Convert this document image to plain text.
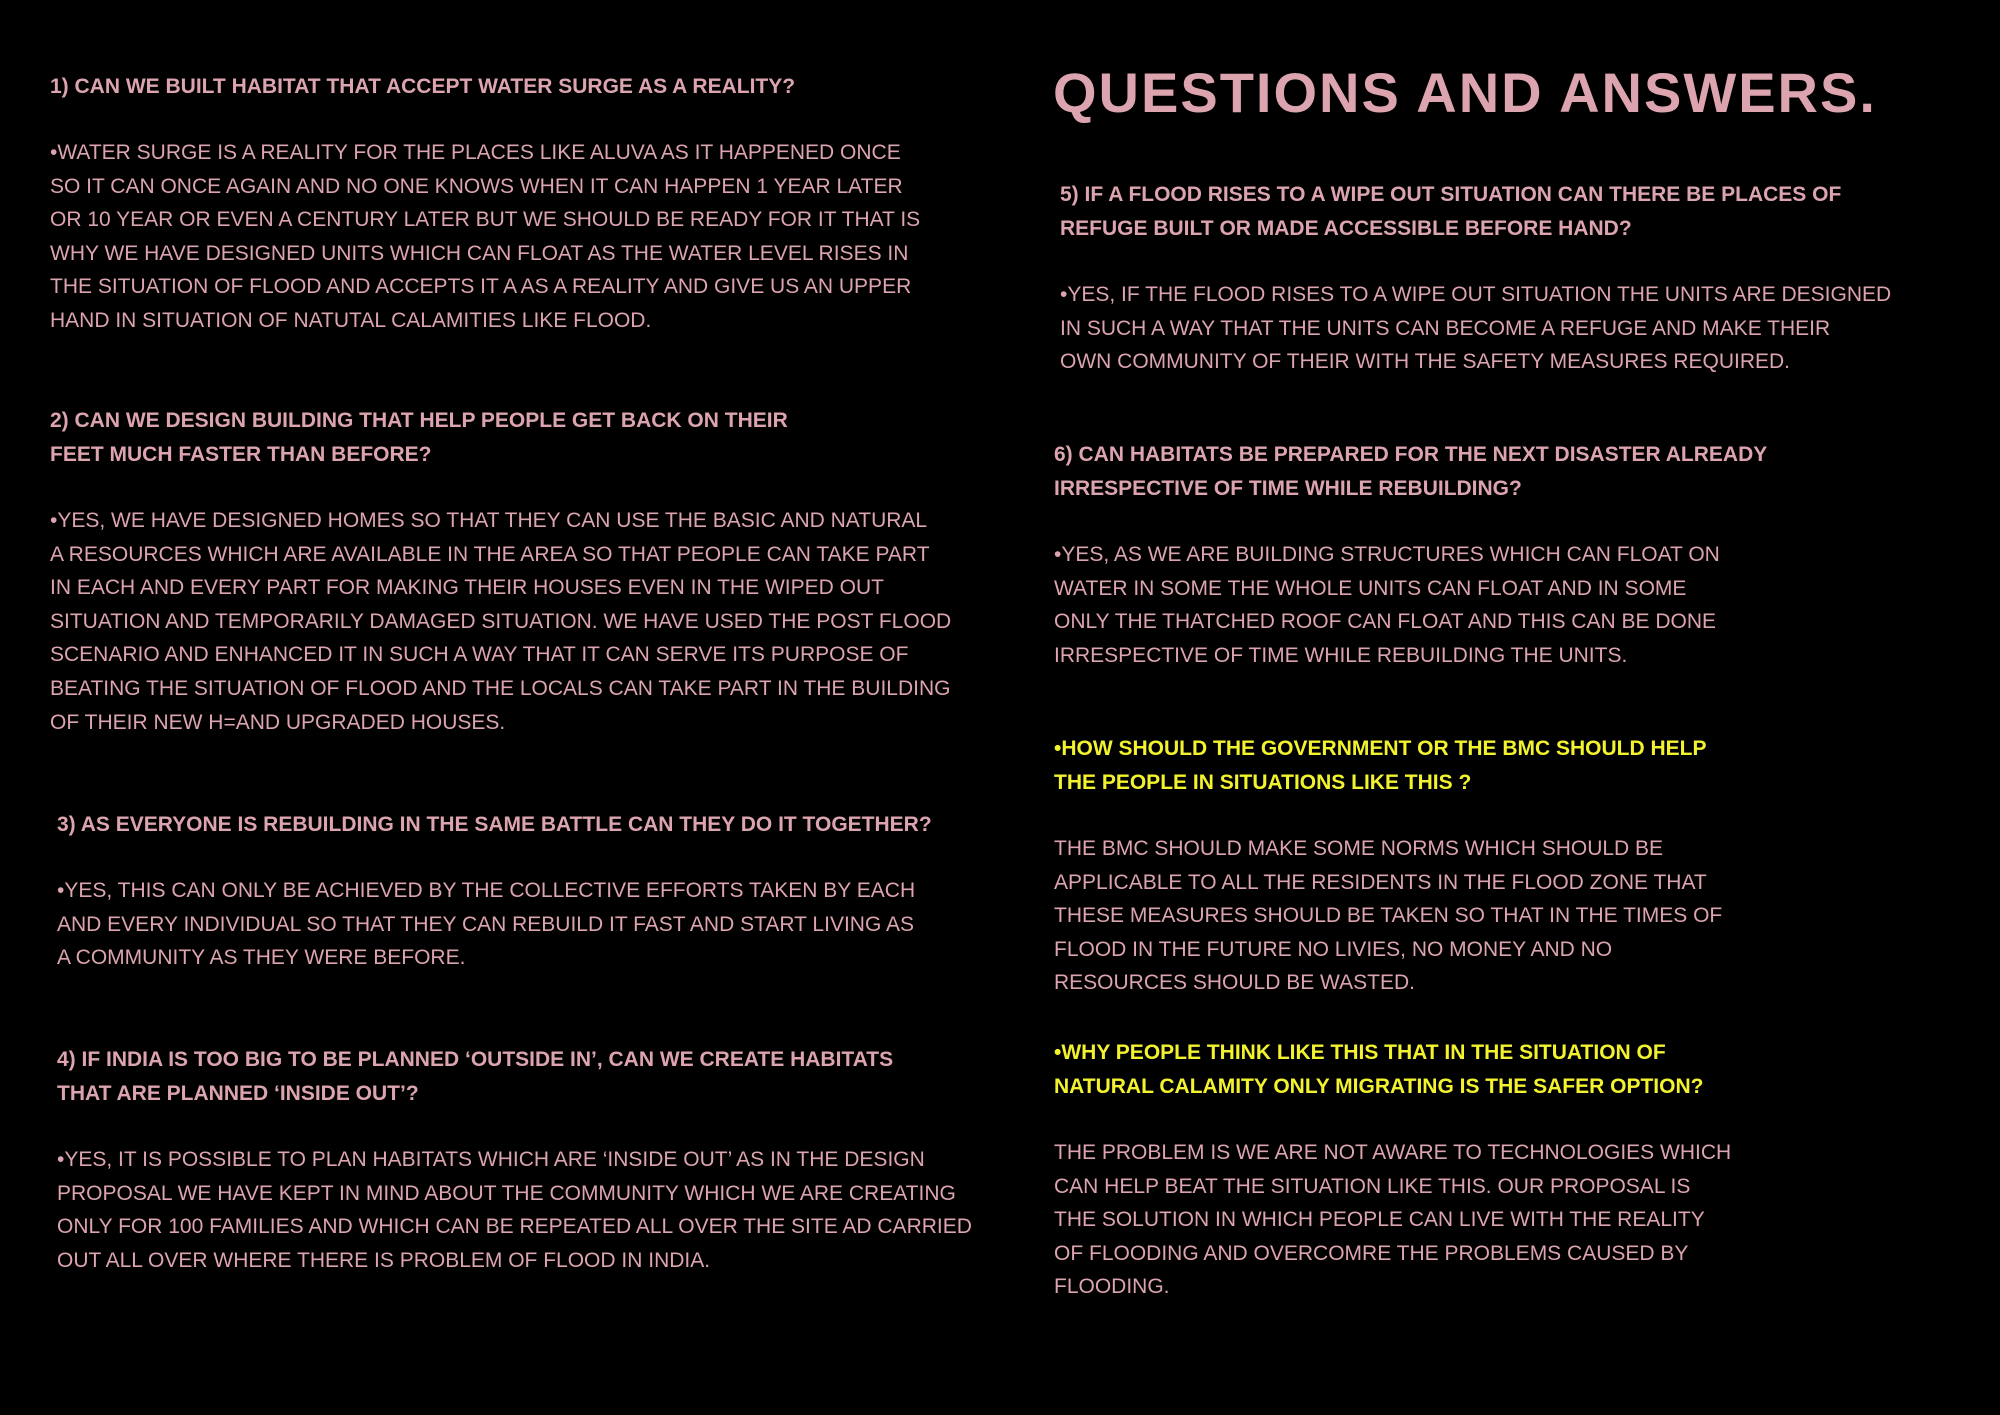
QUESTIONS AND ANSWERS.

1) CAN WE BUILT HABITAT THAT ACCEPT WATER SURGE AS A REALITY?

•WATER SURGE IS A REALITY FOR THE PLACES LIKE ALUVA AS IT HAPPENED ONCE
SO IT CAN ONCE AGAIN AND NO ONE KNOWS WHEN IT CAN HAPPEN 1 YEAR LATER
OR 10 YEAR OR EVEN A CENTURY LATER BUT WE SHOULD BE READY FOR IT THAT IS
WHY WE HAVE DESIGNED UNITS WHICH CAN FLOAT AS THE WATER LEVEL RISES IN
THE SITUATION OF FLOOD AND ACCEPTS IT A AS A REALITY AND GIVE US AN UPPER
HAND IN SITUATION OF NATUTAL CALAMITIES LIKE FLOOD.

2) CAN WE DESIGN BUILDING THAT HELP PEOPLE GET BACK ON THEIR
FEET MUCH FASTER THAN BEFORE?

•YES, WE HAVE DESIGNED HOMES SO THAT THEY CAN USE THE BASIC AND NATURAL
A RESOURCES WHICH ARE AVAILABLE IN THE AREA SO THAT PEOPLE CAN TAKE PART
IN EACH AND EVERY PART FOR MAKING THEIR HOUSES EVEN IN THE WIPED OUT
SITUATION AND TEMPORARILY DAMAGED SITUATION. WE HAVE USED THE POST FLOOD
SCENARIO AND ENHANCED IT IN SUCH A WAY THAT IT CAN SERVE ITS PURPOSE OF
BEATING THE SITUATION OF FLOOD AND THE LOCALS CAN TAKE PART IN THE BUILDING
OF THEIR NEW H=AND UPGRADED HOUSES.

3) AS EVERYONE IS REBUILDING IN THE SAME BATTLE CAN THEY DO IT TOGETHER?

•YES, THIS CAN ONLY BE ACHIEVED BY THE COLLECTIVE EFFORTS TAKEN BY EACH
AND EVERY INDIVIDUAL SO THAT THEY CAN REBUILD IT FAST AND START LIVING AS
A COMMUNITY AS THEY WERE BEFORE.

4) IF INDIA IS TOO BIG TO BE PLANNED ‘OUTSIDE IN’, CAN WE CREATE HABITATS
THAT ARE PLANNED ‘INSIDE OUT’?

•YES, IT IS POSSIBLE TO PLAN HABITATS WHICH ARE ‘INSIDE OUT’ AS IN THE DESIGN
PROPOSAL WE HAVE KEPT IN MIND ABOUT THE COMMUNITY WHICH WE ARE CREATING
ONLY FOR 100 FAMILIES AND WHICH CAN BE REPEATED ALL OVER THE SITE AD CARRIED
OUT ALL OVER WHERE THERE IS PROBLEM OF FLOOD IN INDIA.

5) IF A FLOOD RISES TO A WIPE OUT SITUATION CAN THERE BE PLACES OF
REFUGE BUILT OR MADE ACCESSIBLE BEFORE HAND?

•YES, IF THE FLOOD RISES TO A WIPE OUT SITUATION THE UNITS ARE DESIGNED
IN SUCH A WAY THAT THE UNITS CAN BECOME A REFUGE AND MAKE THEIR
OWN COMMUNITY OF THEIR WITH THE SAFETY MEASURES REQUIRED.

6) CAN HABITATS BE PREPARED FOR THE NEXT DISASTER ALREADY
IRRESPECTIVE OF TIME WHILE REBUILDING?

•YES, AS WE ARE BUILDING STRUCTURES WHICH CAN FLOAT ON
WATER IN SOME THE WHOLE UNITS CAN FLOAT AND IN SOME
ONLY THE THATCHED ROOF CAN FLOAT AND THIS CAN BE DONE
IRRESPECTIVE OF TIME WHILE REBUILDING THE UNITS.

•HOW SHOULD THE GOVERNMENT OR THE BMC SHOULD HELP
THE PEOPLE IN SITUATIONS LIKE THIS ?

THE BMC SHOULD MAKE SOME NORMS WHICH SHOULD BE
APPLICABLE TO ALL THE RESIDENTS IN THE FLOOD ZONE THAT
THESE MEASURES SHOULD BE TAKEN SO THAT IN THE TIMES OF
FLOOD IN THE FUTURE NO LIVIES, NO MONEY AND NO
RESOURCES SHOULD BE WASTED.

•WHY PEOPLE THINK LIKE THIS THAT IN THE SITUATION OF
NATURAL CALAMITY ONLY MIGRATING IS THE SAFER OPTION?

THE PROBLEM IS WE ARE NOT AWARE TO TECHNOLOGIES WHICH
CAN HELP BEAT THE SITUATION LIKE THIS. OUR PROPOSAL IS
THE SOLUTION IN WHICH PEOPLE CAN LIVE WITH THE REALITY
OF FLOODING AND OVERCOMRE THE PROBLEMS CAUSED BY
FLOODING.
